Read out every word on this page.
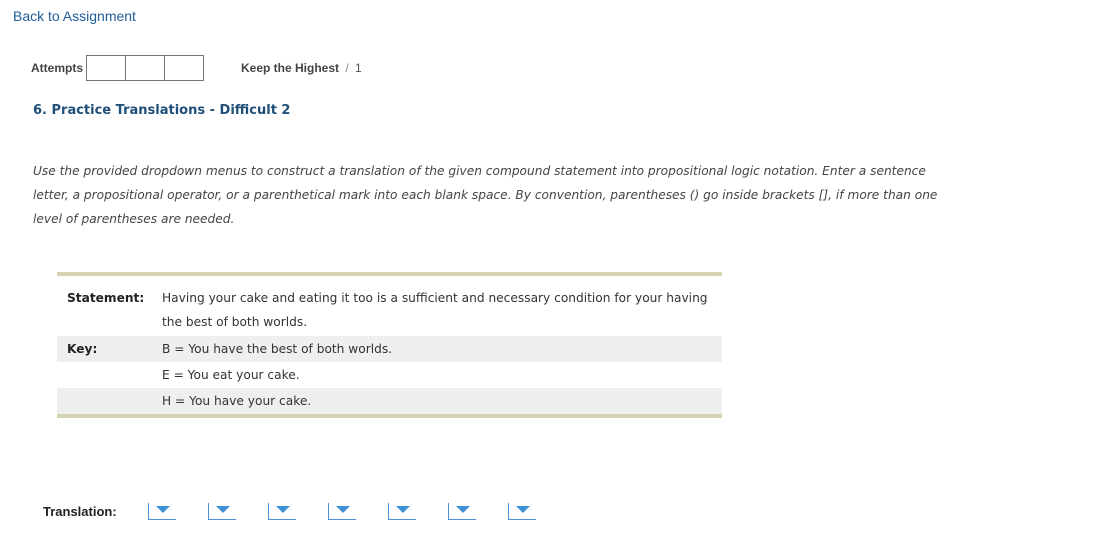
Back to Assignment
Attempts	Keep the Highest / 1
6. Practice Translations - Difficult 2
Use the provided dropdown menus to construct a translation of the given compound statement into propositional logic notation. Enter a sentence letter, a propositional operator, or a parenthetical mark into each blank space. By convention, parentheses () go inside brackets [], if more than one level of parentheses are needed.
Statement:	Having your cake and eating it too is a sufficient and necessary condition for your having the best of both worlds.
Key:	B = You have the best of both worlds.
E = You eat your cake.
H = You have your cake.
Translation:
